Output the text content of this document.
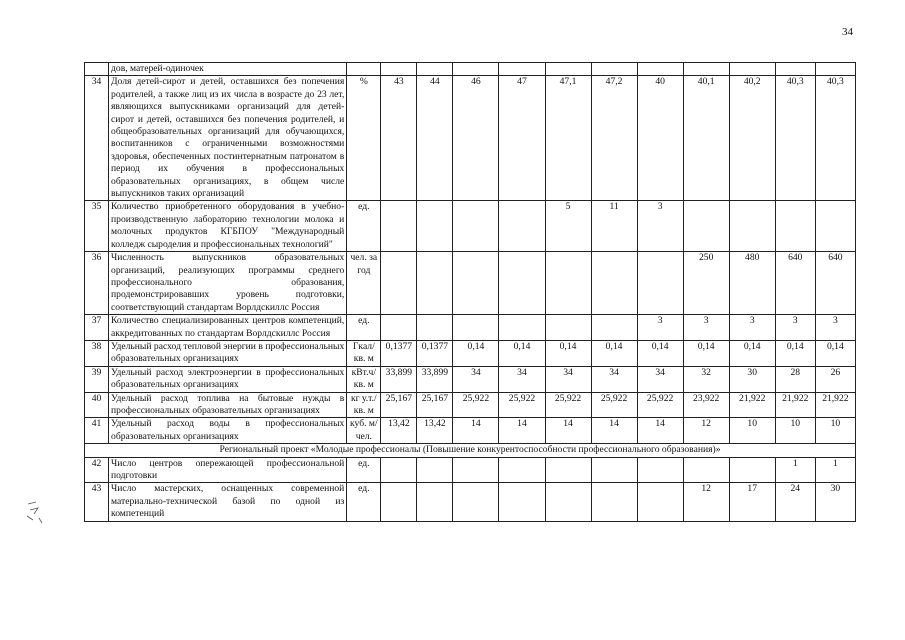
34
	дов, матерей-одиночек												
34	Доля детей-сирот и детей, оставшихся без попечения родителей, а также лиц из их числа в возрасте до 23 лет, являющихся выпускниками организаций для детей-сирот и детей, оставшихся без попечения родителей, и общеобразовательных организаций для обучающихся, воспитанников с ограниченными возможностями здоровья, обеспеченных постинтернатным патронатом в период их обучения в профессиональных образовательных организациях, в общем числе выпускников таких организаций	%	43	44	46	47	47,1	47,2	40	40,1	40,2	40,3	40,3
35	Количество приобретенного оборудования в учебно-производственную лабораторию технологии молока и молочных продуктов КГБПОУ "Международный колледж сыроделия и профессиональных технологий"	ед.					5	11	3				
36	Численность выпускников образовательных организаций, реализующих программы среднего профессионального образования, продемонстрировавших уровень подготовки, соответствующий стандартам Ворлдскиллс Россия	чел. за год								250	480	640	640
37	Количество специализированных центров компетенций, аккредитованных по стандартам Ворлдскиллс Россия	ед.							3	3	3	3	3
38	Удельный расход тепловой энергии в профессиональных образовательных организациях	Гкал/кв. м	0,1377	0,1377	0,14	0,14	0,14	0,14	0,14	0,14	0,14	0,14	0,14
39	Удельный расход электроэнергии в профессиональных образовательных организациях	кВт.ч/кв. м	33,899	33,899	34	34	34	34	34	32	30	28	26
40	Удельный расход топлива на бытовые нужды в профессиональных образовательных организациях	кг у.т./кв. м	25,167	25,167	25,922	25,922	25,922	25,922	25,922	23,922	21,922	21,922	21,922
41	Удельный расход воды в профессиональных образовательных организациях	куб. м/чел.	13,42	13,42	14	14	14	14	14	12	10	10	10
Региональный проект «Молодые профессионалы (Повышение конкурентоспособности профессионального образования)»													
42	Число центров опережающей профессиональной подготовки	ед.										1	1
43	Число мастерских, оснащенных современной материально-технической базой по одной из компетенций	ед.								12	17	24	30
